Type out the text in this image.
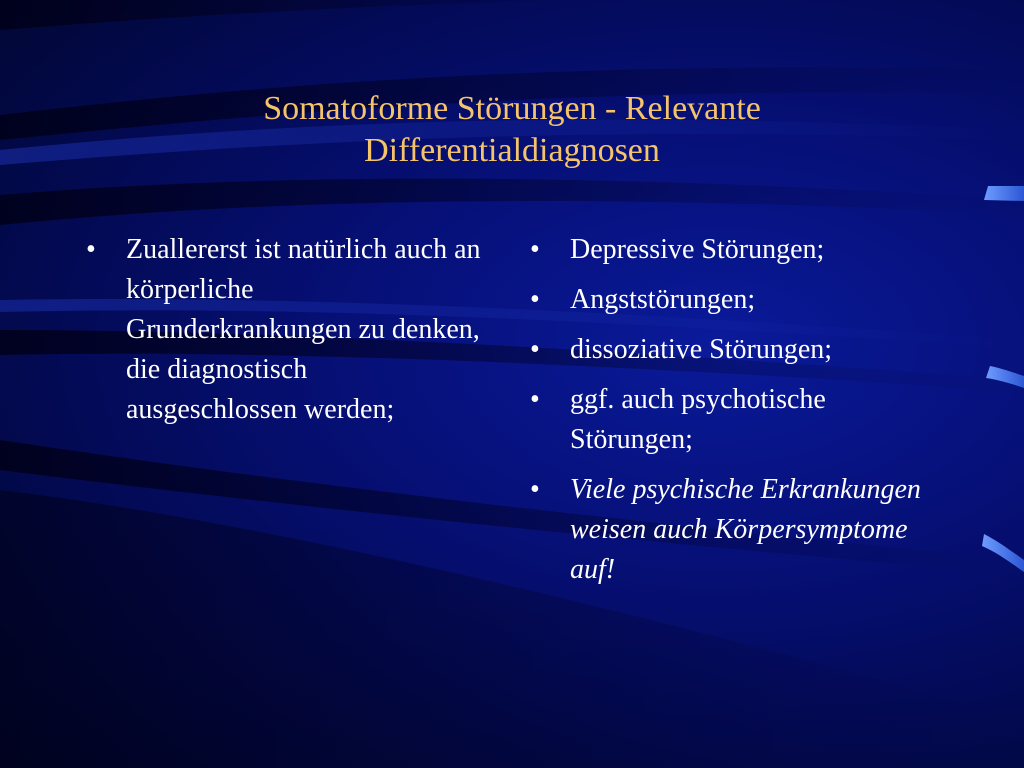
Somatoforme Störungen - Relevante
Differentialdiagnosen
• Zuallererst ist natürlich auch an körperliche Grunderkrankungen zu denken, die diagnostisch ausgeschlossen werden;
• Depressive Störungen;
• Angststörungen;
• dissoziative Störungen;
• ggf. auch psychotische Störungen;
• Viele psychische Erkrankungen weisen auch Körpersymptome auf!
